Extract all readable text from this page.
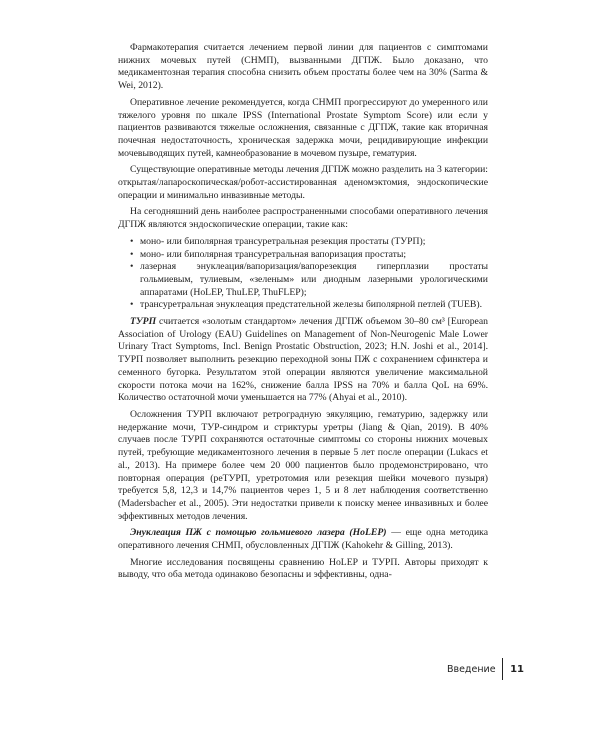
Фармакотерапия считается лечением первой линии для пациентов с симптомами нижних мочевых путей (СНМП), вызванными ДГПЖ. Было доказано, что медикаментозная терапия способна снизить объем простаты более чем на 30% (Sarma & Wei, 2012).

Оперативное лечение рекомендуется, когда СНМП прогрессируют до умеренного или тяжелого уровня по шкале IPSS (International Prostate Symptom Score) или если у пациентов развиваются тяжелые осложнения, связанные с ДГПЖ, такие как вторичная почечная недостаточность, хроническая задержка мочи, рецидивирующие инфекции мочевыводящих путей, камнеобразование в мочевом пузыре, гематурия.

Существующие оперативные методы лечения ДГПЖ можно разделить на 3 категории: открытая/лапароскопическая/робот-ассистированная аденомэктомия, эндоскопические операции и минимально инвазивные методы.

На сегодняшний день наиболее распространенными способами оперативного лечения ДГПЖ являются эндоскопические операции, такие как:

• моно- или биполярная трансуретральная резекция простаты (ТУРП);
• моно- или биполярная трансуретральная вапоризация простаты;
• лазерная энуклеация/вапоризация/вапорезекция гиперплазии простаты гольмиевым, тулиевым, «зеленым» или диодным лазерными урологическими аппаратами (HoLEP, ThuLEP, ThuFLEP);
• трансуретральная энуклеация предстательной железы биполярной петлей (TUEB).

ТУРП считается «золотым стандартом» лечения ДГПЖ объемом 30–80 см³ [European Association of Urology (EAU) Guidelines on Management of Non-Neurogenic Male Lower Urinary Tract Symptoms, Incl. Benign Prostatic Obstruction, 2023; H.N. Joshi et al., 2014]. ТУРП позволяет выполнить резекцию переходной зоны ПЖ с сохранением сфинктера и семенного бугорка. Результатом этой операции являются увеличение максимальной скорости потока мочи на 162%, снижение балла IPSS на 70% и балла QoL на 69%. Количество остаточной мочи уменьшается на 77% (Ahyai et al., 2010).

Осложнения ТУРП включают ретроградную эякуляцию, гематурию, задержку или недержание мочи, ТУР-синдром и стриктуры уретры (Jiang & Qian, 2019). В 40% случаев после ТУРП сохраняются остаточные симптомы со стороны нижних мочевых путей, требующие медикаментозного лечения в первые 5 лет после операции (Lukacs et al., 2013). На примере более чем 20 000 пациентов было продемонстрировано, что повторная операция (реТУРП, уретротомия или резекция шейки мочевого пузыря) требуется 5,8, 12,3 и 14,7% пациентов через 1, 5 и 8 лет наблюдения соответственно (Madersbacher et al., 2005). Эти недостатки привели к поиску менее инвазивных и более эффективных методов лечения.

Энуклеация ПЖ с помощью гольмиевого лазера (HoLEP) — еще одна методика оперативного лечения СНМП, обусловленных ДГПЖ (Kahokehr & Gilling, 2013).

Многие исследования посвящены сравнению HoLEP и ТУРП. Авторы приходят к выводу, что оба метода одинаково безопасны и эффективны, одна-

Введение 11
